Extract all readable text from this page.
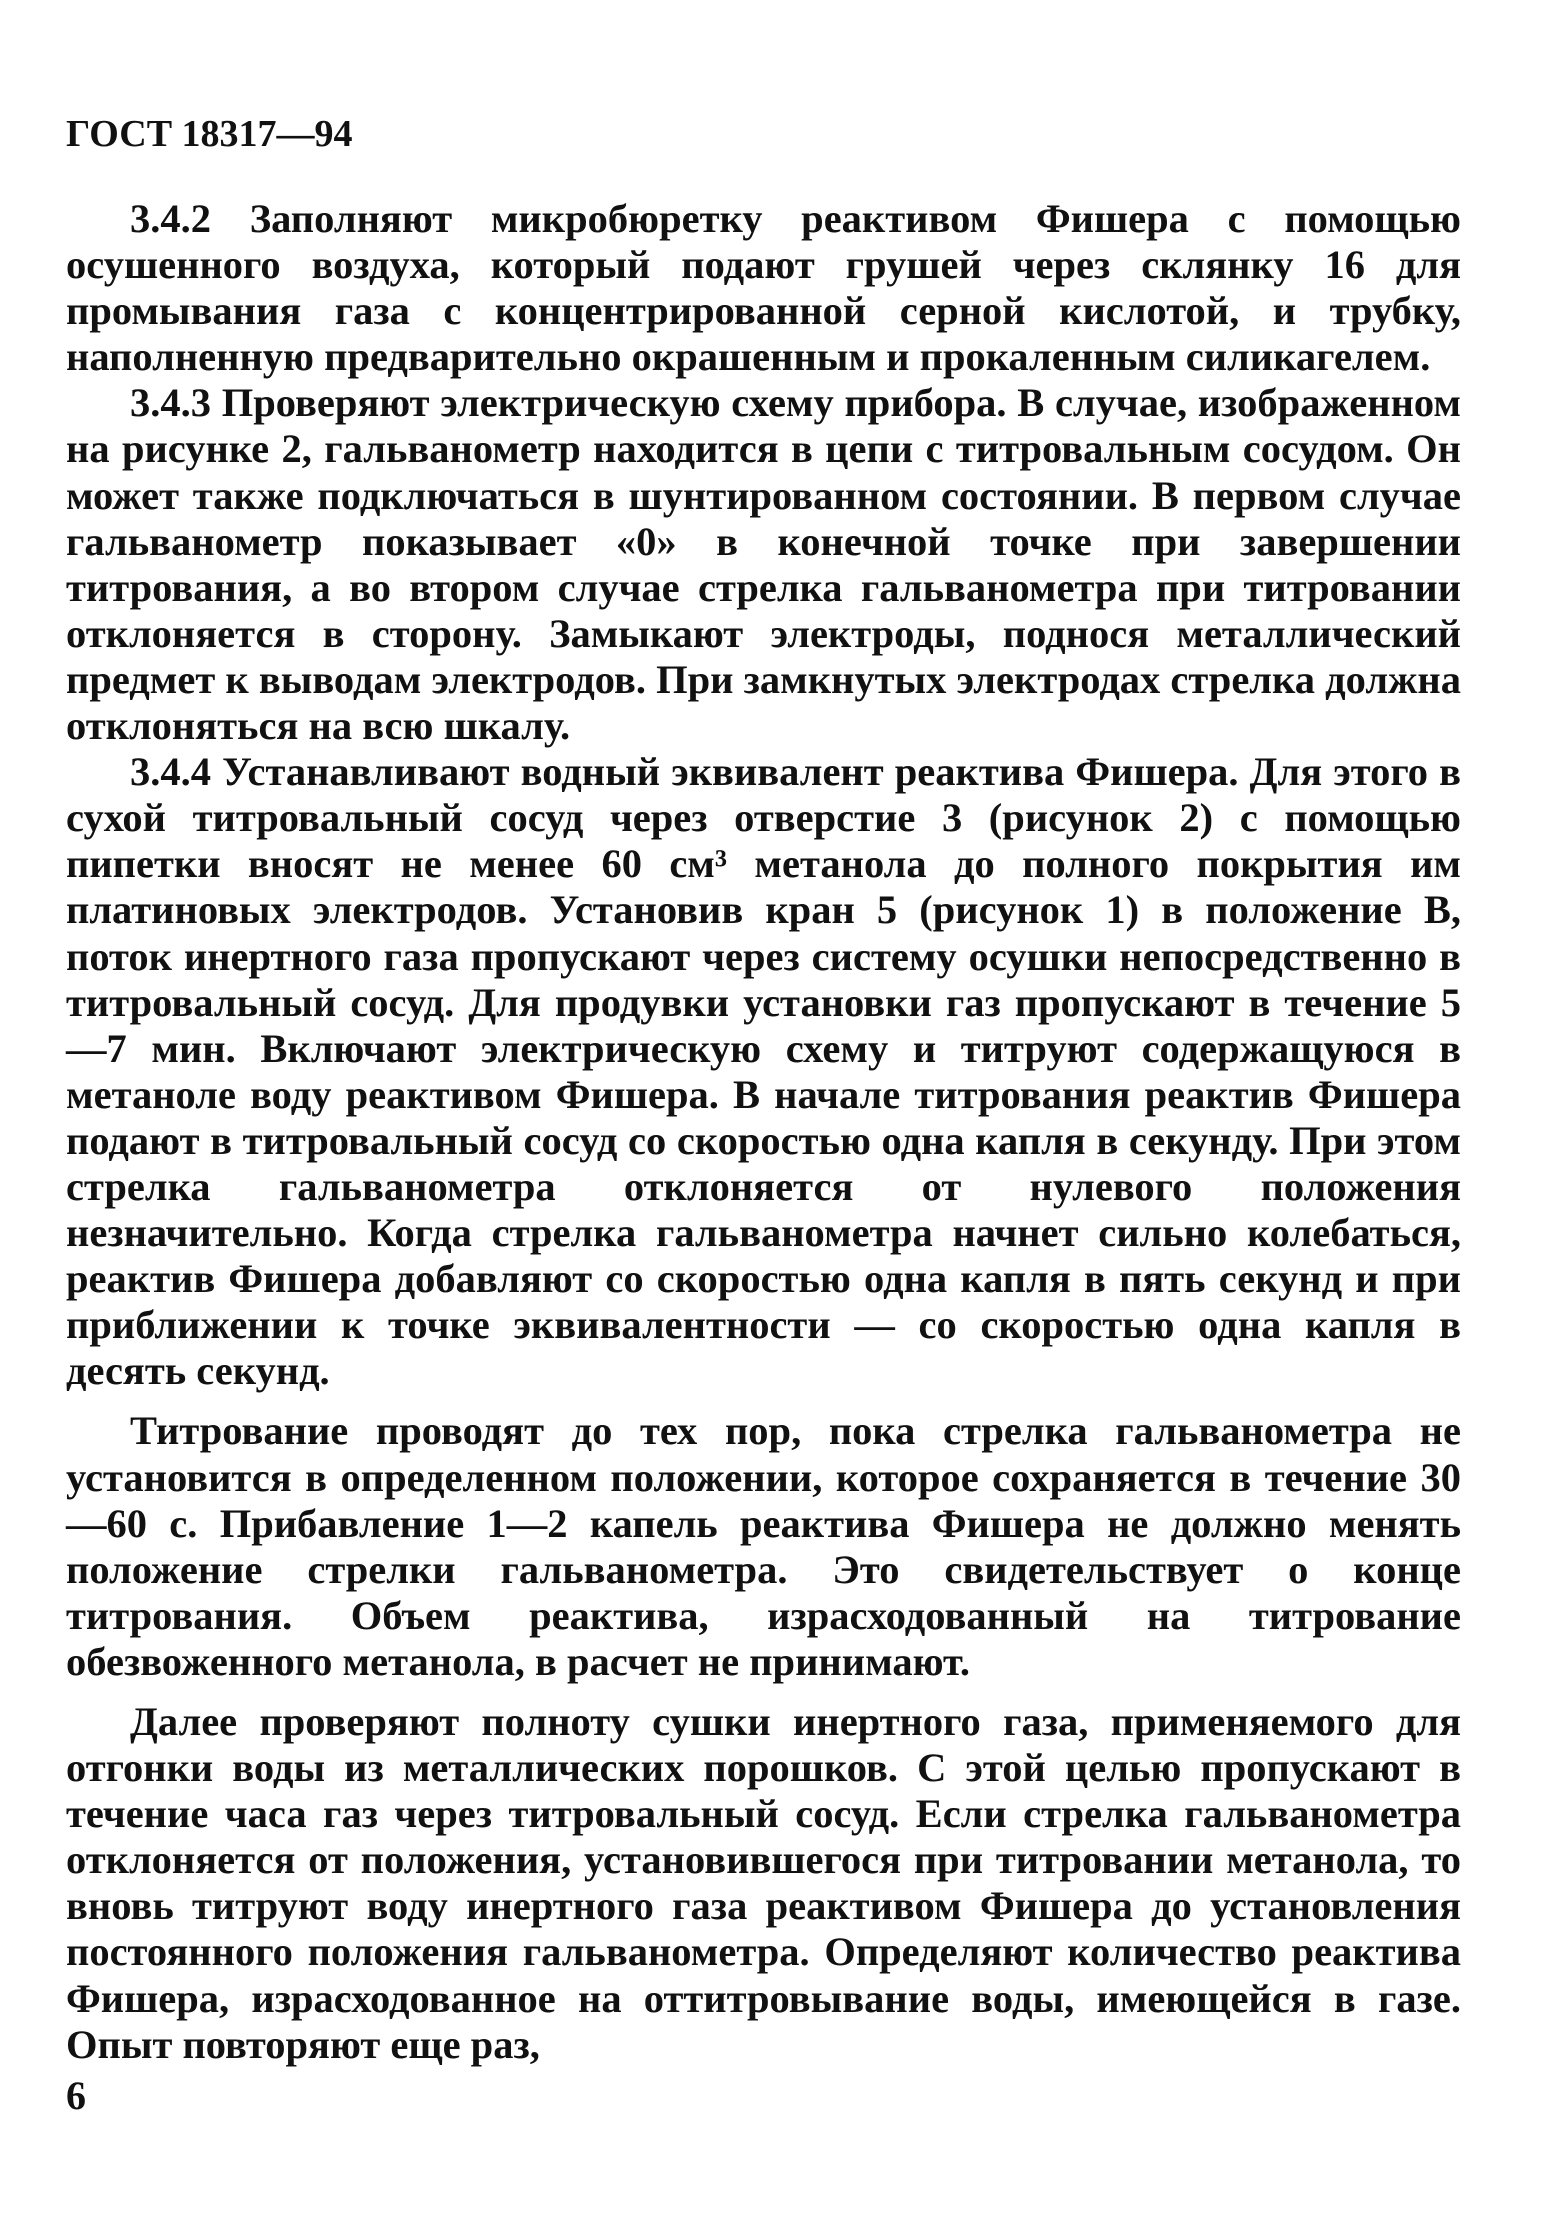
ГОСТ 18317—94

3.4.2 Заполняют микробюретку реактивом Фишера с помощью осушенного воздуха, который подают грушей через склянку 16 для промывания газа с концентрированной серной кислотой, и трубку, наполненную предварительно окрашенным и прокаленным силикагелем.

3.4.3 Проверяют электрическую схему прибора. В случае, изображенном на рисунке 2, гальванометр находится в цепи с титровальным сосудом. Он может также подключаться в шунтированном состоянии. В первом случае гальванометр показывает «0» в конечной точке при завершении титрования, а во втором случае стрелка гальванометра при титровании отклоняется в сторону. Замыкают электроды, поднося металлический предмет к выводам электродов. При замкнутых электродах стрелка должна отклоняться на всю шкалу.

3.4.4 Устанавливают водный эквивалент реактива Фишера. Для этого в сухой титровальный сосуд через отверстие 3 (рисунок 2) с помощью пипетки вносят не менее 60 см³ метанола до полного покрытия им платиновых электродов. Установив кран 5 (рисунок 1) в положение В, поток инертного газа пропускают через систему осушки непосредственно в титровальный сосуд. Для продувки установки газ пропускают в течение 5—7 мин. Включают электрическую схему и титруют содержащуюся в метаноле воду реактивом Фишера. В начале титрования реактив Фишера подают в титровальный сосуд со скоростью одна капля в секунду. При этом стрелка гальванометра отклоняется от нулевого положения незначительно. Когда стрелка гальванометра начнет сильно колебаться, реактив Фишера добавляют со скоростью одна капля в пять секунд и при приближении к точке эквивалентности — со скоростью одна капля в десять секунд.

Титрование проводят до тех пор, пока стрелка гальванометра не установится в определенном положении, которое сохраняется в течение 30—60 с. Прибавление 1—2 капель реактива Фишера не должно менять положение стрелки гальванометра. Это свидетельствует о конце титрования. Объем реактива, израсходованный на титрование обезвоженного метанола, в расчет не принимают.

Далее проверяют полноту сушки инертного газа, применяемого для отгонки воды из металлических порошков. С этой целью пропускают в течение часа газ через титровальный сосуд. Если стрелка гальванометра отклоняется от положения, установившегося при титровании метанола, то вновь титруют воду инертного газа реактивом Фишера до установления постоянного положения гальванометра. Определяют количество реактива Фишера, израсходованное на оттитровывание воды, имеющейся в газе. Опыт повторяют еще раз,

6
